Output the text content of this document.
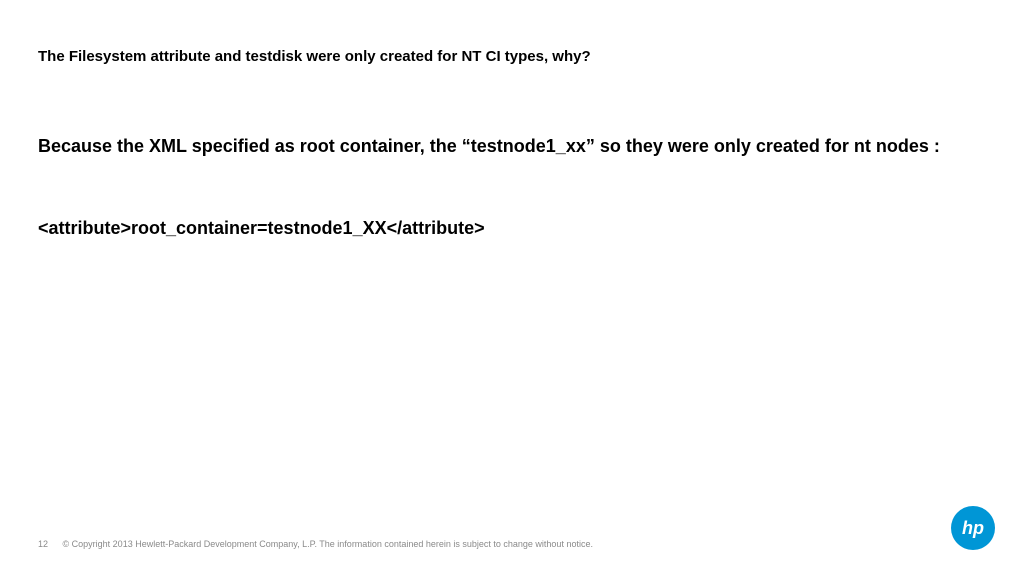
The Filesystem attribute and testdisk were only created for NT CI types, why?
Because the XML specified as root container, the “testnode1_xx” so they were only created for nt nodes :
<attribute>root_container=testnode1_XX</attribute>
12 © Copyright 2013 Hewlett-Packard Development Company, L.P. The information contained herein is subject to change without notice.
hp
